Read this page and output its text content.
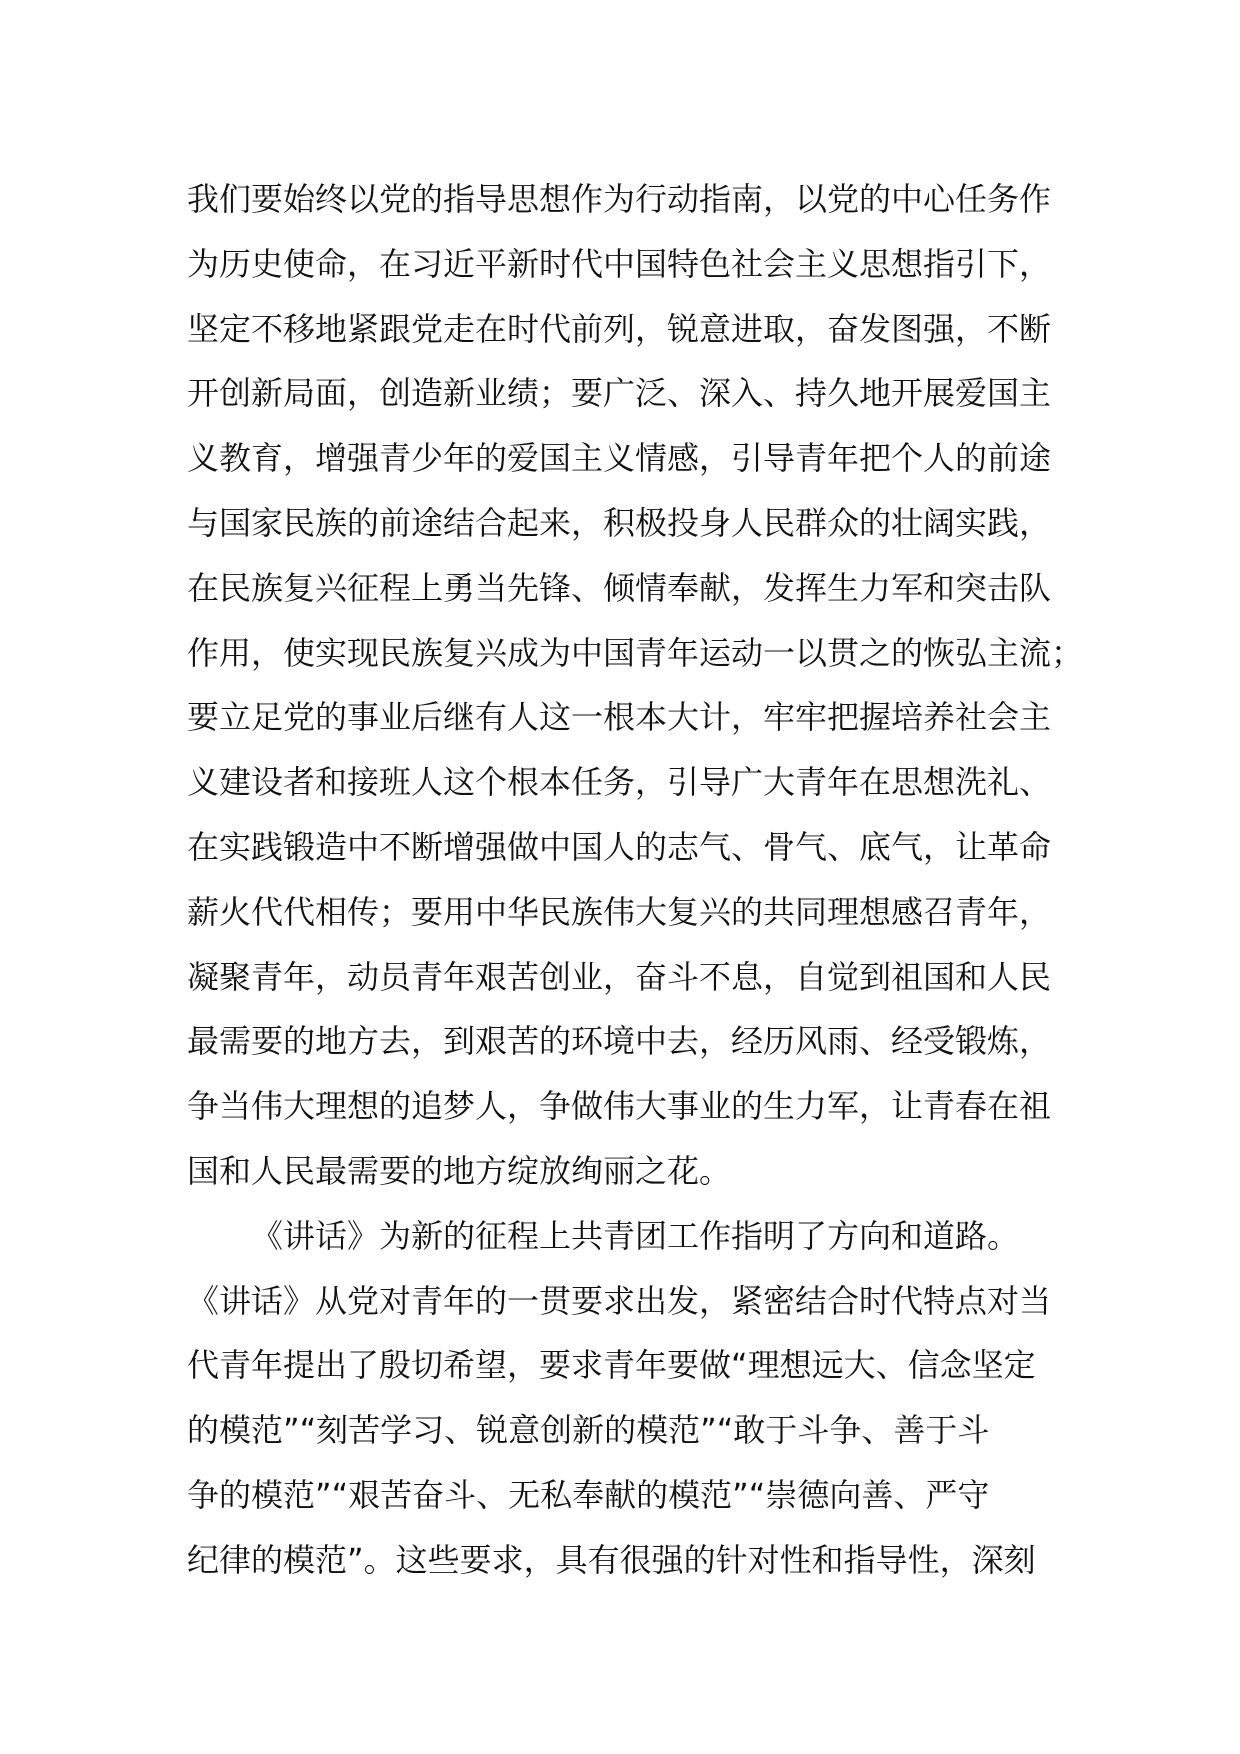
我们要始终以党的指导思想作为行动指南，以党的中心任务作
为历史使命，在习近平新时代中国特色社会主义思想指引下，
坚定不移地紧跟党走在时代前列，锐意进取，奋发图强，不断
开创新局面，创造新业绩；要广泛、深入、持久地开展爱国主
义教育，增强青少年的爱国主义情感，引导青年把个人的前途
与国家民族的前途结合起来，积极投身人民群众的壮阔实践，
在民族复兴征程上勇当先锋、倾情奉献，发挥生力军和突击队
作用，使实现民族复兴成为中国青年运动一以贯之的恢弘主流；
要立足党的事业后继有人这一根本大计，牢牢把握培养社会主
义建设者和接班人这个根本任务，引导广大青年在思想洗礼、
在实践锻造中不断增强做中国人的志气、骨气、底气，让革命
薪火代代相传；要用中华民族伟大复兴的共同理想感召青年，
凝聚青年，动员青年艰苦创业，奋斗不息，自觉到祖国和人民
最需要的地方去，到艰苦的环境中去，经历风雨、经受锻炼，
争当伟大理想的追梦人，争做伟大事业的生力军，让青春在祖
国和人民最需要的地方绽放绚丽之花。
《讲话》为新的征程上共青团工作指明了方向和道路。
《讲话》从党对青年的一贯要求出发，紧密结合时代特点对当
代青年提出了殷切希望，要求青年要做“理想远大、信念坚定
的模范”“刻苦学习、锐意创新的模范”“敢于斗争、善于斗
争的模范”“艰苦奋斗、无私奉献的模范”“崇德向善、严守
纪律的模范”。这些要求，具有很强的针对性和指导性，深刻
